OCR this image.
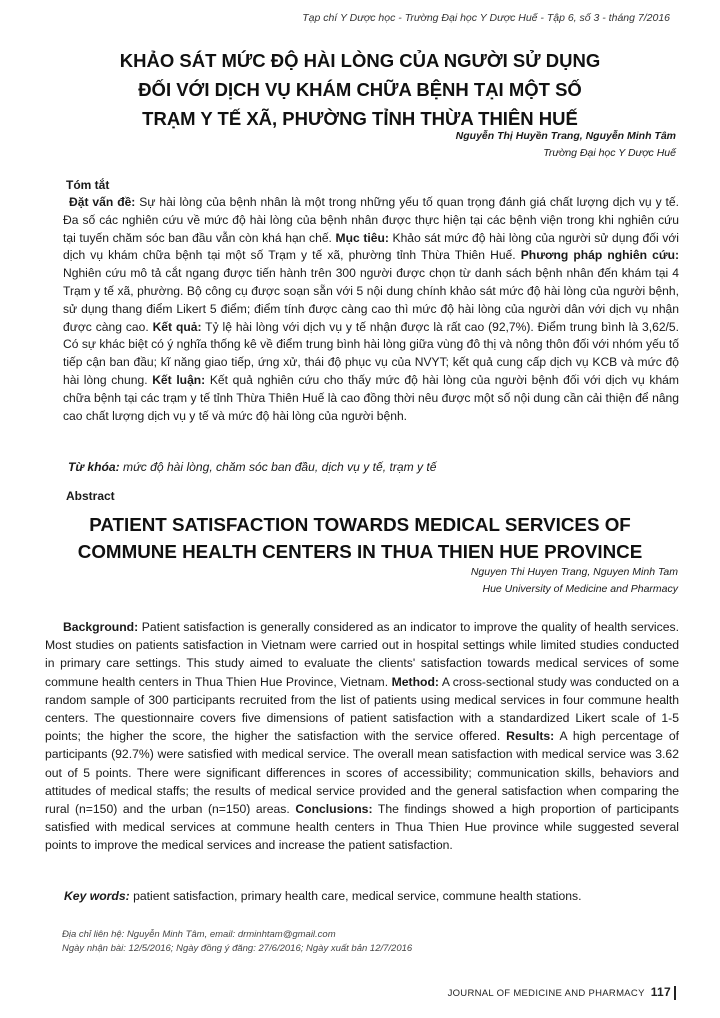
Tạp chí Y Dược học - Trường Đại học Y Dược Huế - Tập 6, số 3 - tháng 7/2016
KHẢO SÁT MỨC ĐỘ HÀI LÒNG CỦA NGƯỜI SỬ DỤNG
ĐỐI VỚI DỊCH VỤ KHÁM CHỮA BỆNH TẠI MỘT SỐ
TRẠM Y TẾ XÃ, PHƯỜNG TỈNH THỪA THIÊN HUẾ
Nguyễn Thị Huyền Trang, Nguyễn Minh Tâm
Trường Đại học Y Dược Huế
Tóm tắt
Đặt vấn đề: Sự hài lòng của bệnh nhân là một trong những yếu tố quan trọng đánh giá chất lượng dịch vụ y tế. Đa số các nghiên cứu về mức độ hài lòng của bệnh nhân được thực hiện tại các bệnh viện trong khi nghiên cứu tại tuyến chăm sóc ban đầu vẫn còn khá hạn chế. Mục tiêu: Khảo sát mức độ hài lòng của người sử dụng đối với dịch vụ khám chữa bệnh tại một số Trạm y tế xã, phường tỉnh Thừa Thiên Huế. Phương pháp nghiên cứu: Nghiên cứu mô tả cắt ngang được tiến hành trên 300 người được chọn từ danh sách bệnh nhân đến khám tại 4 Trạm y tế xã, phường. Bộ công cụ được soạn sẵn với 5 nội dung chính khảo sát mức độ hài lòng của người bệnh, sử dụng thang điểm Likert 5 điểm; điểm tính được càng cao thì mức độ hài lòng của người dân với dịch vụ nhận được càng cao. Kết quả: Tỷ lệ hài lòng với dịch vụ y tế nhận được là rất cao (92,7%). Điểm trung bình là 3,62/5. Có sự khác biệt có ý nghĩa thống kê về điểm trung bình hài lòng giữa vùng đô thị và nông thôn đối với nhóm yếu tố tiếp cận ban đầu; kĩ năng giao tiếp, ứng xử, thái độ phục vụ của NVYT; kết quả cung cấp dịch vụ KCB và mức độ hài lòng chung. Kết luận: Kết quả nghiên cứu cho thấy mức độ hài lòng của người bệnh đối với dịch vụ khám chữa bệnh tại các trạm y tế tỉnh Thừa Thiên Huế là cao đồng thời nêu được một số nội dung cần cải thiện để nâng cao chất lượng dịch vụ y tế và mức độ hài lòng của người bệnh.
Từ khóa: mức độ hài lòng, chăm sóc ban đầu, dịch vụ y tế, trạm y tế
Abstract
PATIENT SATISFACTION TOWARDS MEDICAL SERVICES OF
COMMUNE HEALTH CENTERS IN THUA THIEN HUE PROVINCE
Nguyen Thi Huyen Trang, Nguyen Minh Tam
Hue University of Medicine and Pharmacy
Background: Patient satisfaction is generally considered as an indicator to improve the quality of health services. Most studies on patients satisfaction in Vietnam were carried out in hospital settings while limited studies conducted in primary care settings. This study aimed to evaluate the clients' satisfaction towards medical services of some commune health centers in Thua Thien Hue Province, Vietnam. Method: A cross-sectional study was conducted on a random sample of 300 participants recruited from the list of patients using medical services in four commune health centers. The questionnaire covers five dimensions of patient satisfaction with a standardized Likert scale of 1-5 points; the higher the score, the higher the satisfaction with the service offered. Results: A high percentage of participants (92.7%) were satisfied with medical service. The overall mean satisfaction with medical service was 3.62 out of 5 points. There were significant differences in scores of accessibility; communication skills, behaviors and attitudes of medical staffs; the results of medical service provided and the general satisfaction when comparing the rural (n=150) and the urban (n=150) areas. Conclusions: The findings showed a high proportion of participants satisfied with medical services at commune health centers in Thua Thien Hue province while suggested several points to improve the medical services and increase the patient satisfaction.
Key words: patient satisfaction, primary health care, medical service, commune health stations.
Địa chỉ liên hệ: Nguyễn Minh Tâm, email: drminhtam@gmail.com
Ngày nhận bài: 12/5/2016; Ngày đồng ý đăng: 27/6/2016; Ngày xuất bản 12/7/2016
JOURNAL OF MEDICINE AND PHARMACY 117
